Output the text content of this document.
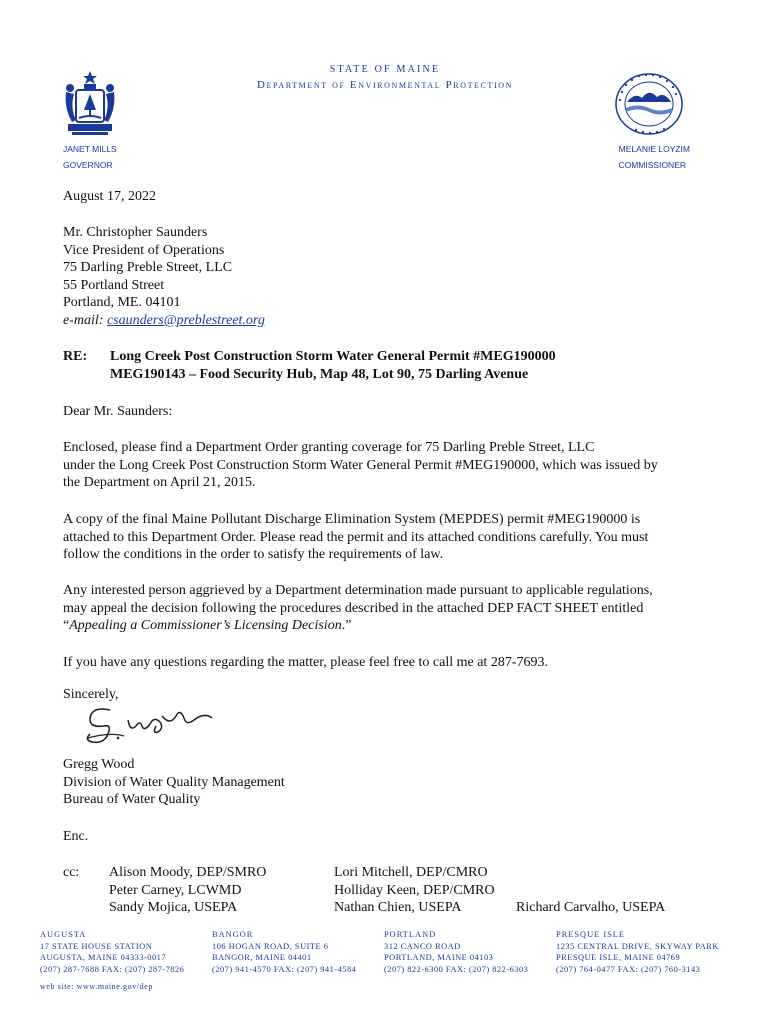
STATE OF MAINE
Department of Environmental Protection
JANET MILLS
GOVERNOR
MELANIE LOYZIM
COMMISSIONER
August 17, 2022
Mr. Christopher Saunders
Vice President of Operations
75 Darling Preble Street, LLC
55 Portland Street
Portland, ME. 04101
e-mail: csaunders@preblestreet.org
RE: Long Creek Post Construction Storm Water General Permit #MEG190000
MEG190143 – Food Security Hub, Map 48, Lot 90, 75 Darling Avenue
Dear Mr. Saunders:
Enclosed, please find a Department Order granting coverage for 75 Darling Preble Street, LLC
under the Long Creek Post Construction Storm Water General Permit #MEG190000, which was issued by
the Department on April 21, 2015.
A copy of the final Maine Pollutant Discharge Elimination System (MEPDES) permit #MEG190000 is
attached to this Department Order. Please read the permit and its attached conditions carefully. You must
follow the conditions in the order to satisfy the requirements of law.
Any interested person aggrieved by a Department determination made pursuant to applicable regulations,
may appeal the decision following the procedures described in the attached DEP FACT SHEET entitled
“Appealing a Commissioner’s Licensing Decision.”
If you have any questions regarding the matter, please feel free to call me at 287-7693.
Sincerely,
Gregg Wood
Division of Water Quality Management
Bureau of Water Quality
Enc.
cc: Alison Moody, DEP/SMRO
Peter Carney, LCWMD
Sandy Mojica, USEPA
Lori Mitchell, DEP/CMRO
Holliday Keen, DEP/CMRO
Nathan Chien, USEPA	Richard Carvalho, USEPA
AUGUSTA
17 STATE HOUSE STATION
AUGUSTA, MAINE 04333-0017
(207) 287-7688 FAX: (207) 287-7826
BANGOR
106 HOGAN ROAD, SUITE 6
BANGOR, MAINE 04401
(207) 941-4570 FAX: (207) 941-4584
PORTLAND
312 CANCO ROAD
PORTLAND, MAINE 04103
(207) 822-6300 FAX: (207) 822-6303
PRESQUE ISLE
1235 CENTRAL DRIVE, SKYWAY PARK
PRESQUE ISLE, MAINE 04769
(207) 764-0477 FAX: (207) 760-3143
web site: www.maine.gov/dep
